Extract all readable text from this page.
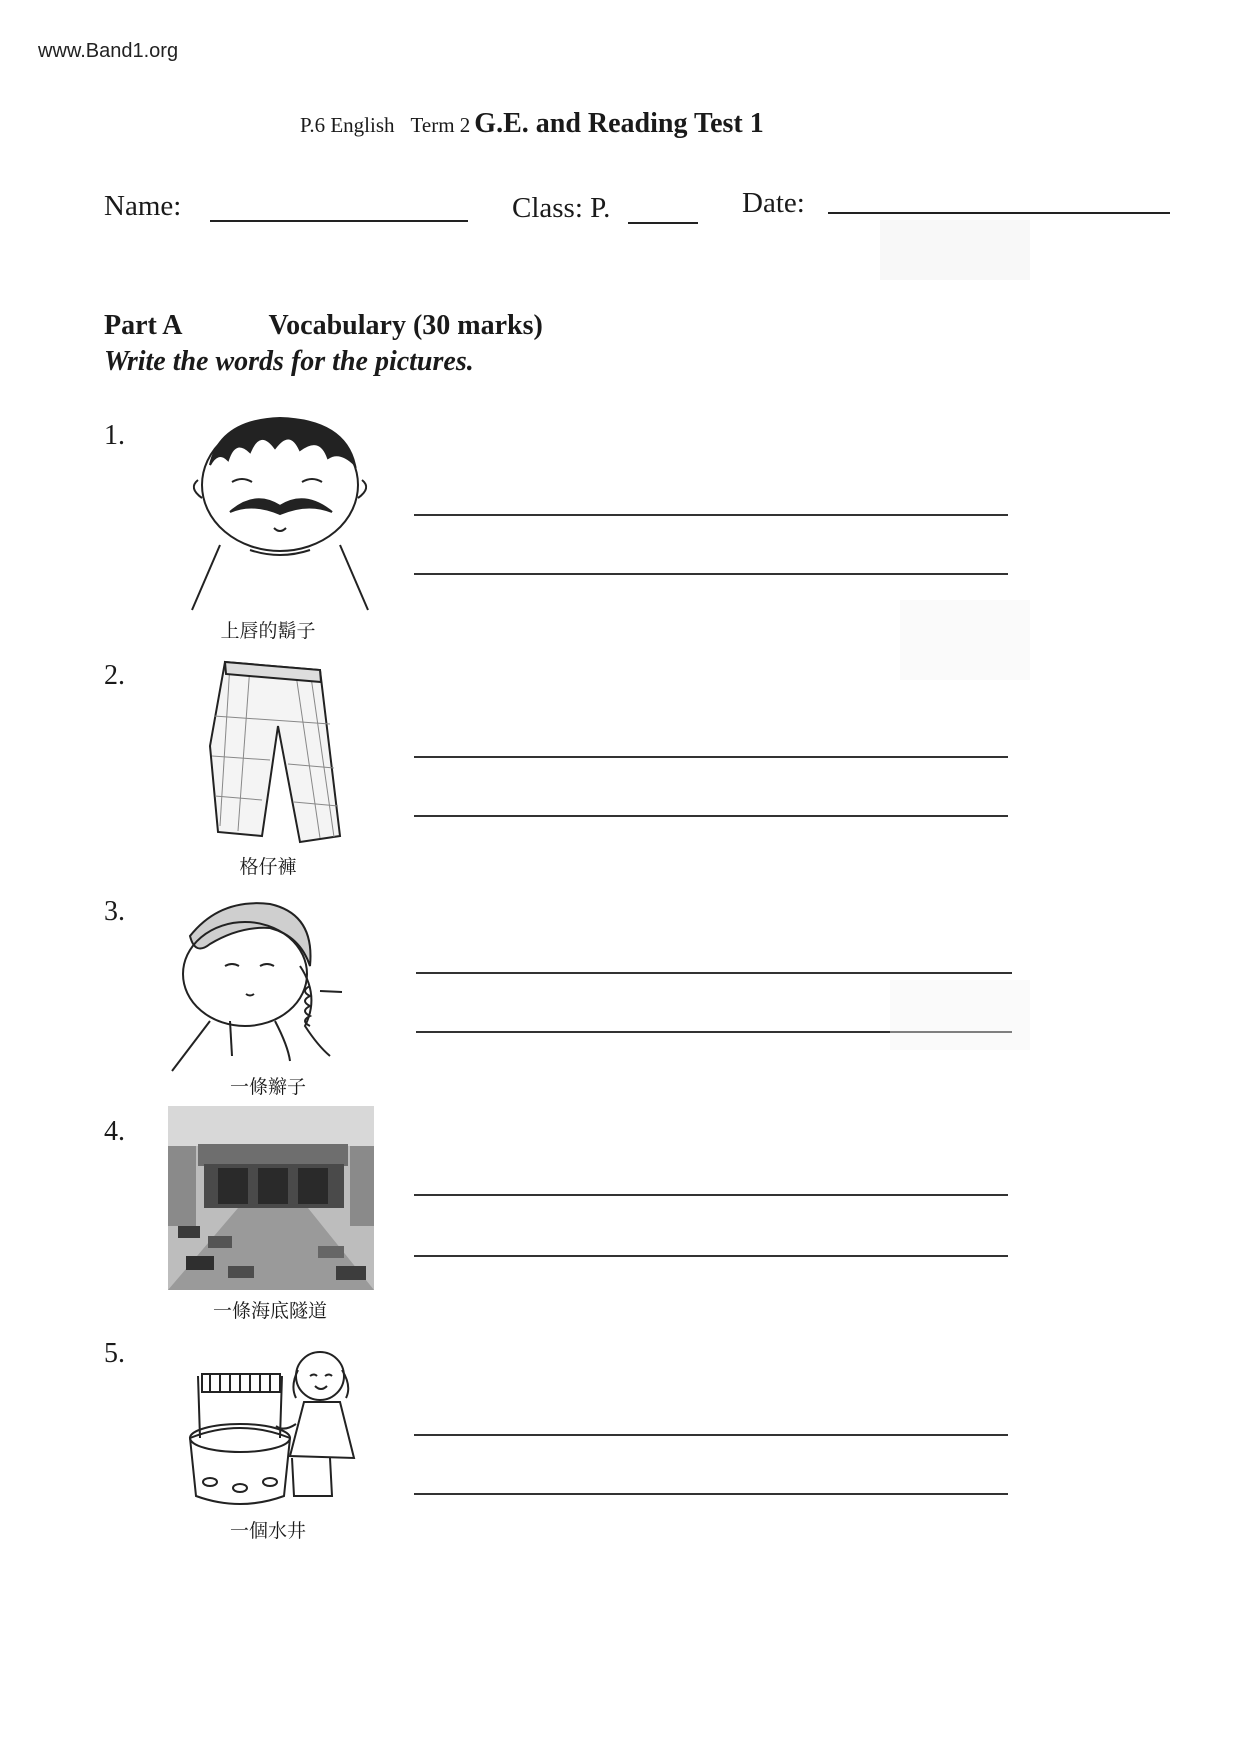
www.Band1.org
P.6 English Term 2 G.E. and Reading Test 1
Name:	Class: P.	Date:
Part A	Vocabulary (30 marks)
Write the words for the pictures.
1.
上唇的鬍子
2.
格仔褲
3.
一條辮子
4.
一條海底隧道
5.
一個水井
